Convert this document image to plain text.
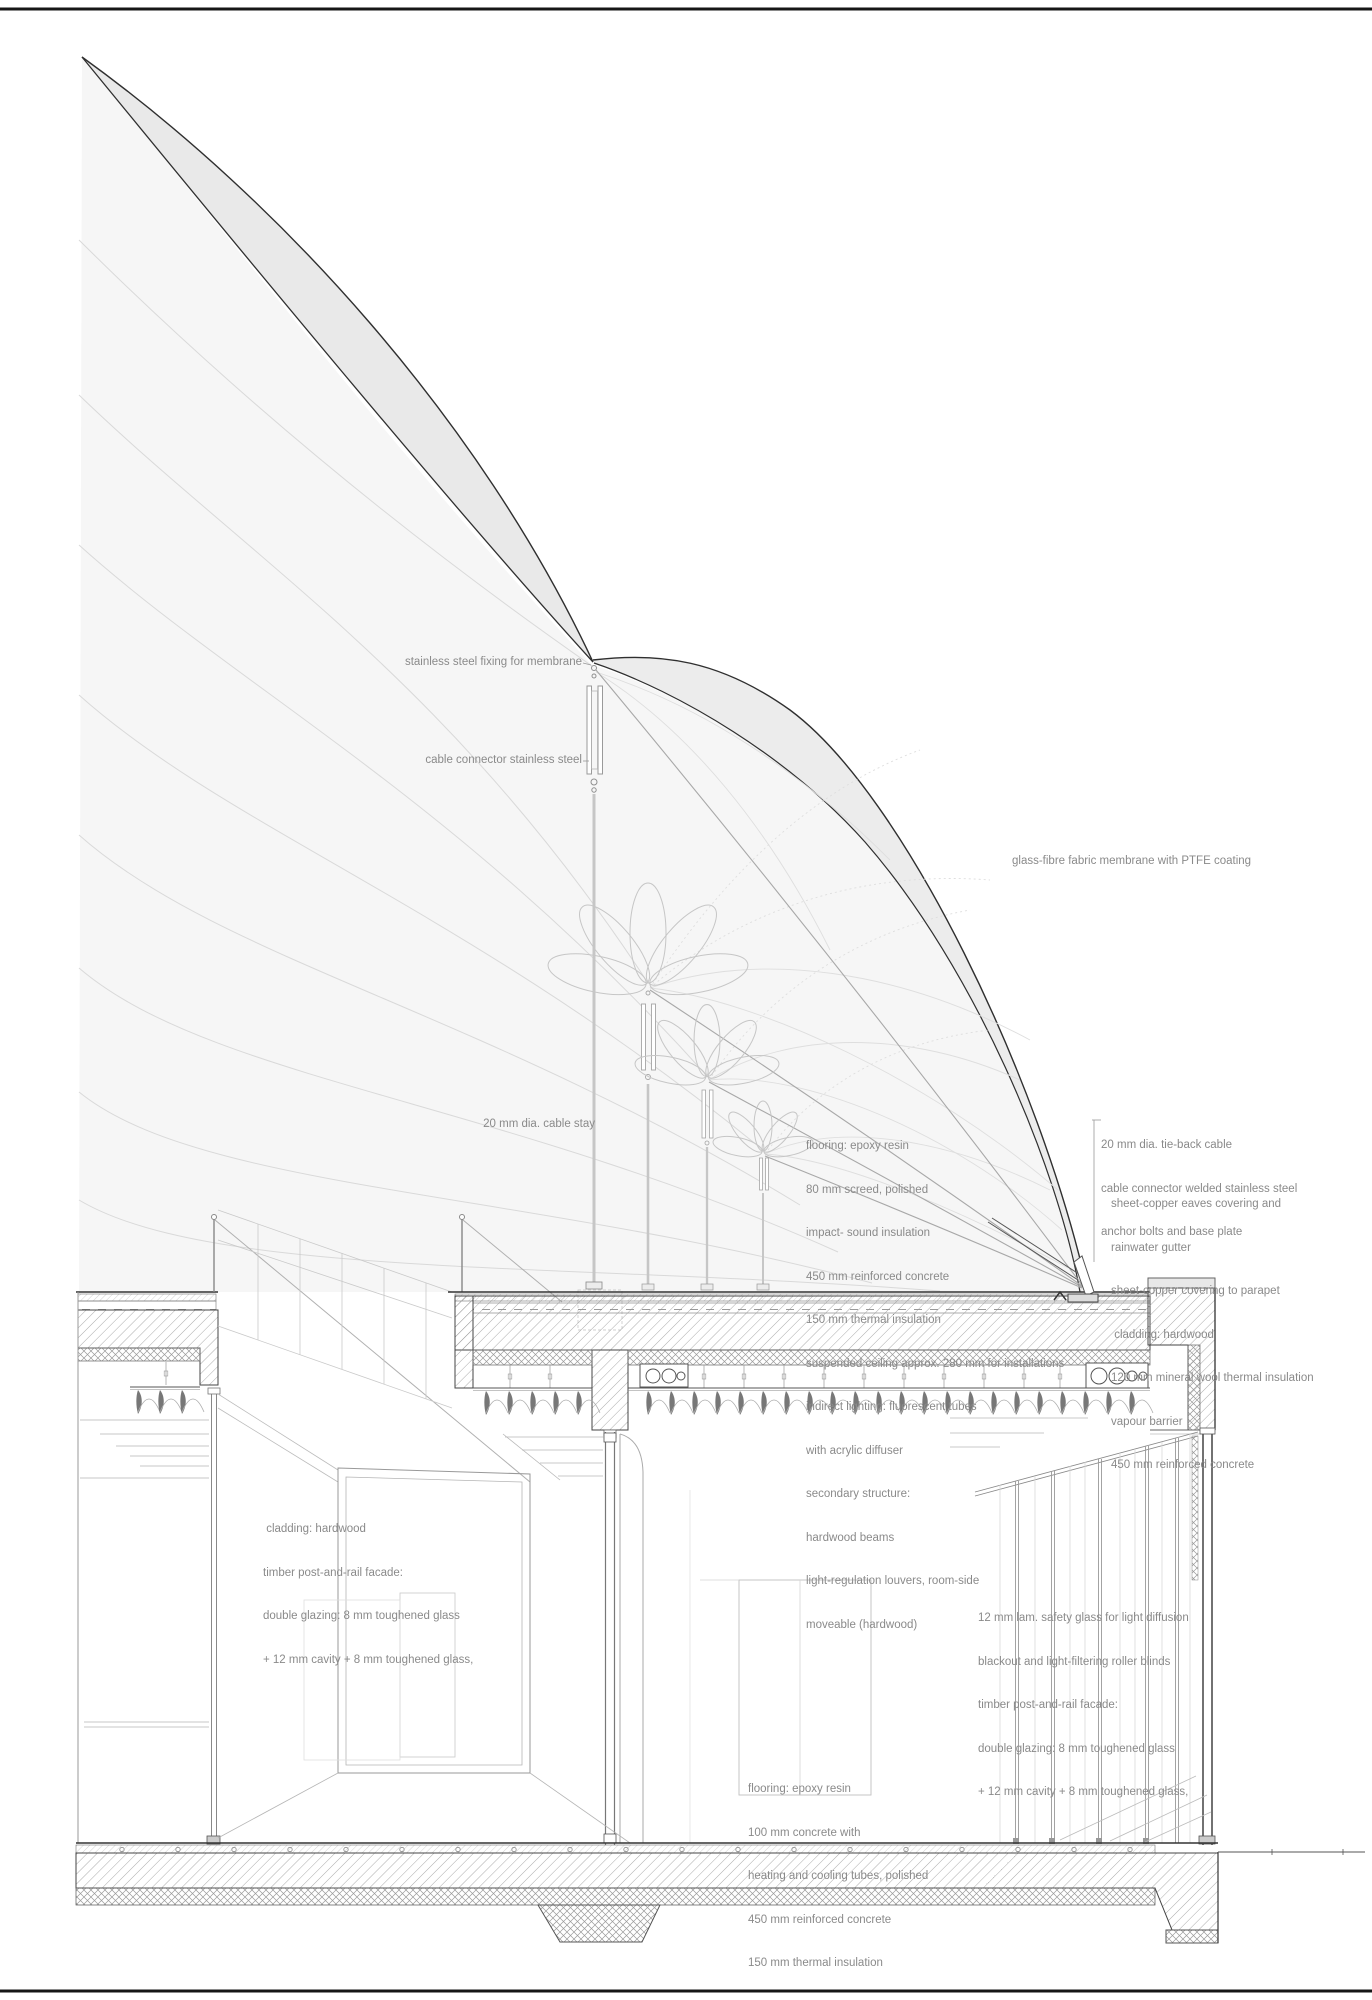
stainless steel fixing for membrane
cable connector stainless steel
glass-fibre fabric membrane with PTFE coating
20 mm dia. cable stay

flooring: epoxy resin

80 mm screed, polished

impact- sound insulation

450 mm reinforced concrete

150 mm thermal insulation

suspended ceiling approx. 280 mm for installations

indirect lighting: fluorescent tubes

with acrylic diffuser

secondary structure:

hardwood beams

light-regulation louvers, room-side

moveable (hardwood)

20 mm dia. tie-back cable

cable connector welded stainless steel

anchor bolts and base plate

sheet-copper eaves covering and

rainwater gutter

sheet-copper covering to parapet

cladding: hardwood

120 mm mineral wool thermal insulation

vapour barrier

450 mm reinforced concrete

cladding: hardwood

timber post-and-rail facade:

double glazing: 8 mm toughened glass

+ 12 mm cavity + 8 mm toughened glass,

12 mm lam. safety glass for light diffusion

blackout and light-filtering roller blinds

timber post-and-rail facade:

double glazing: 8 mm toughened glass

+ 12 mm cavity + 8 mm toughened glass,

flooring: epoxy resin

100 mm concrete with

heating and cooling tubes, polished

450 mm reinforced concrete

150 mm thermal insulation
